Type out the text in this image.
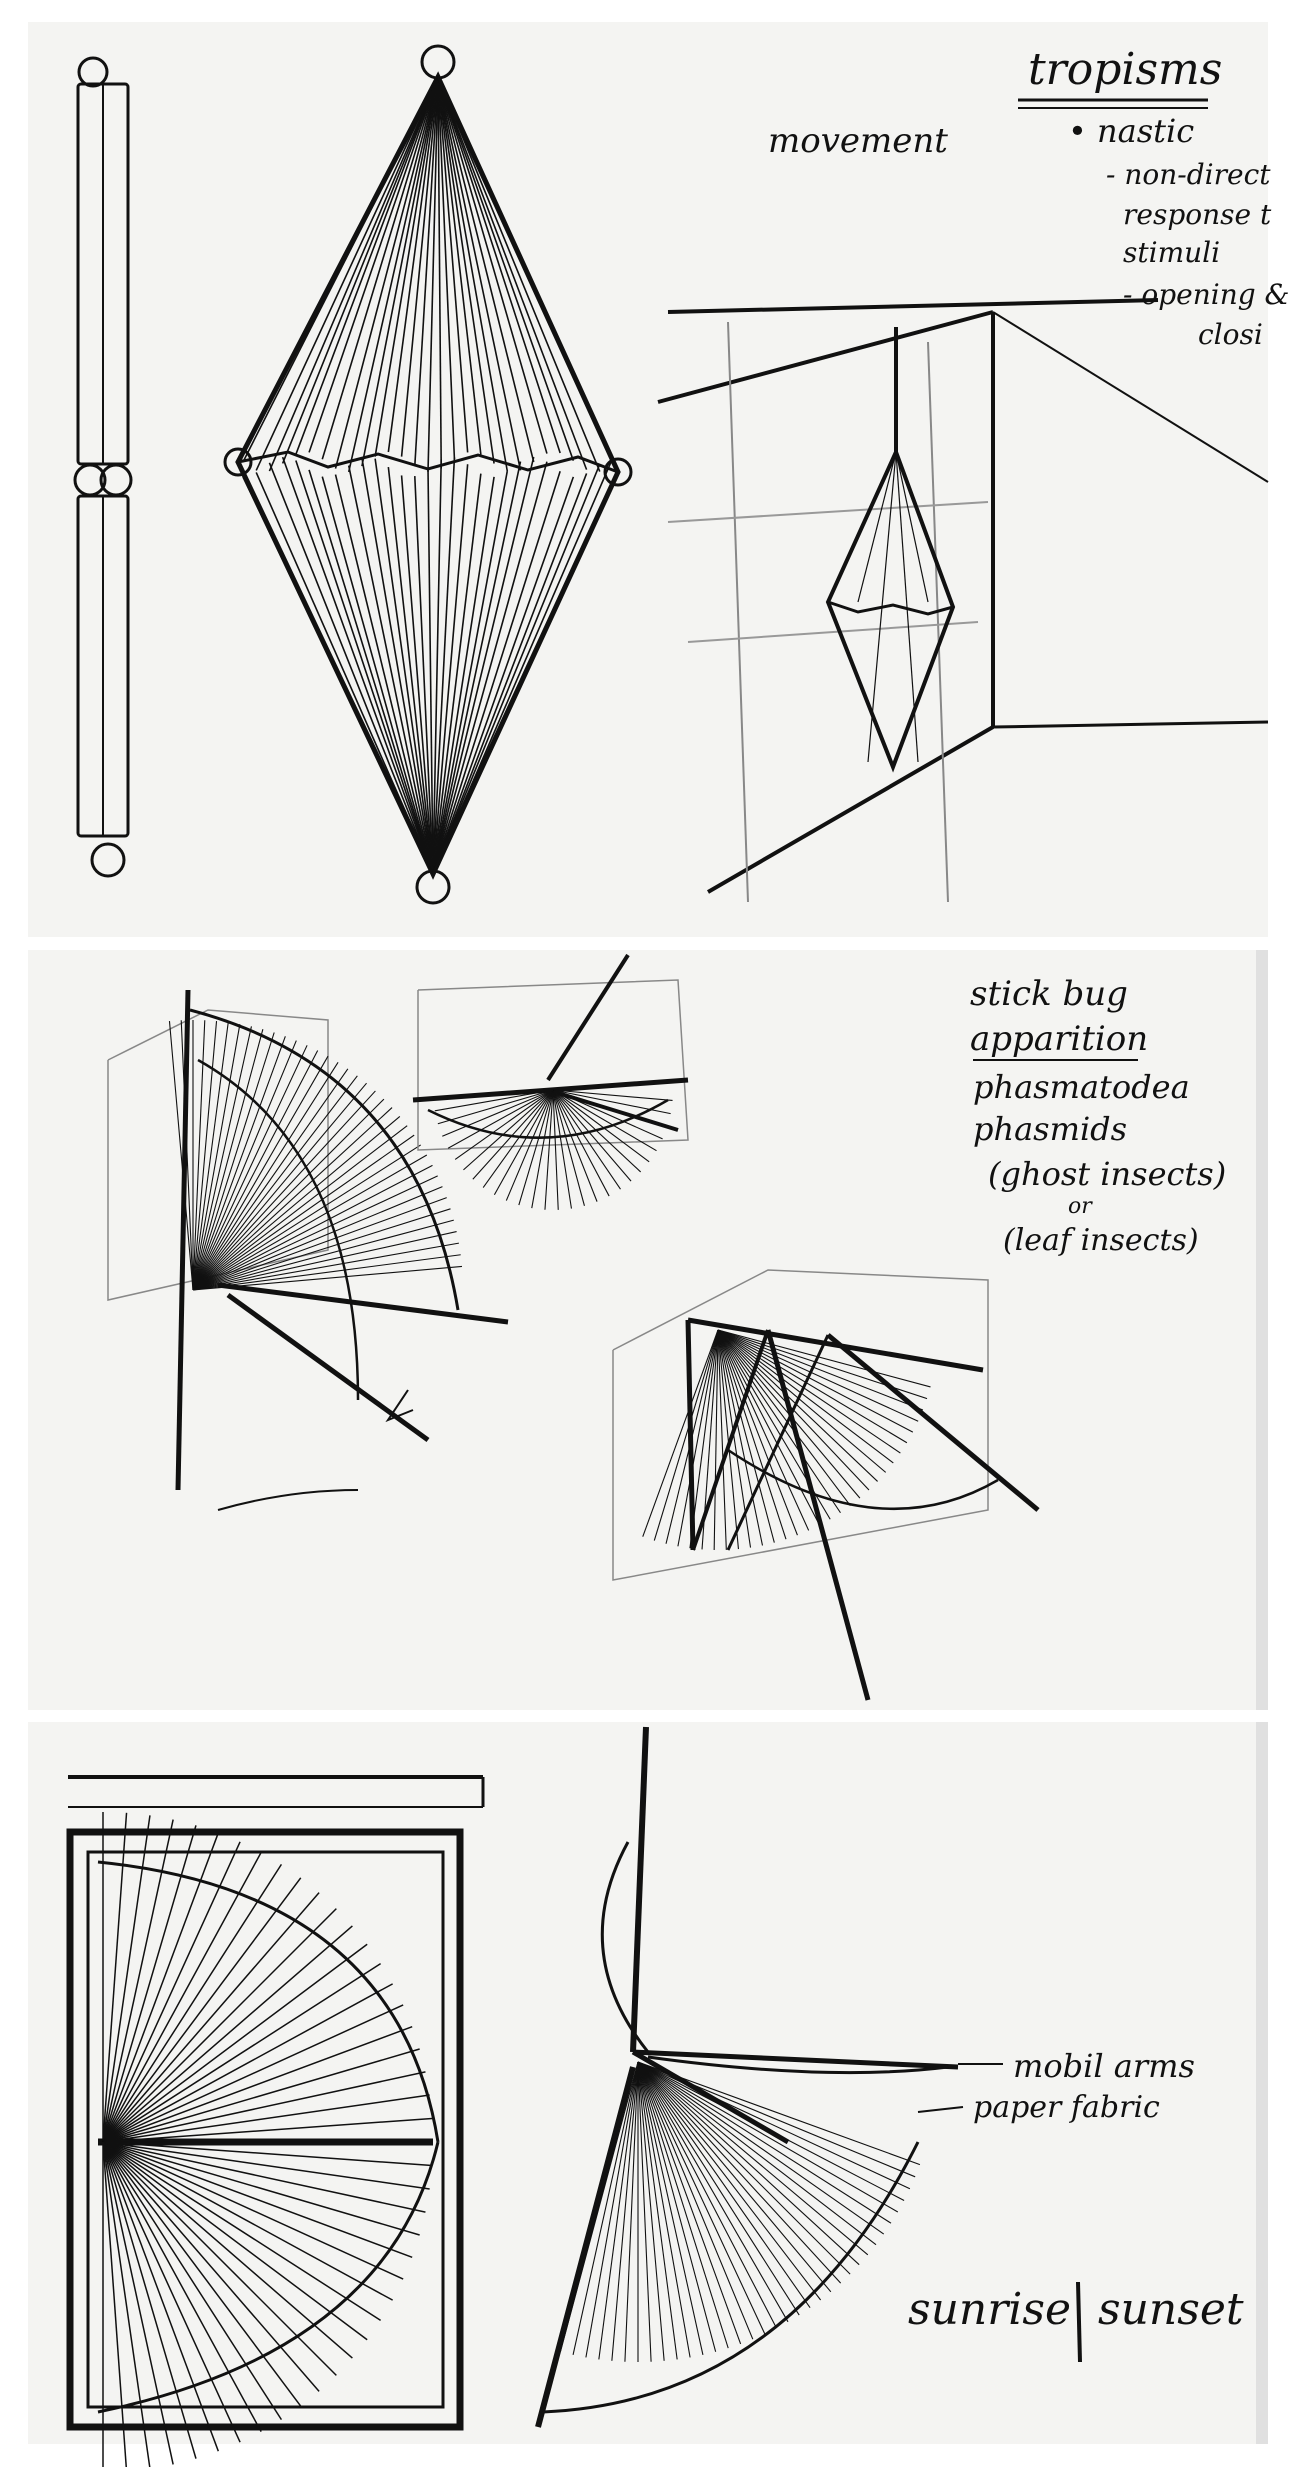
movement
tropisms
• nastic
- non-direct
response t
stimuli
- opening &
closi
stick bug
apparition
phasmatodea
phasmids
(ghost insects)
or
(leaf insects)
mobil arms
paper fabric
sunrise sunset
